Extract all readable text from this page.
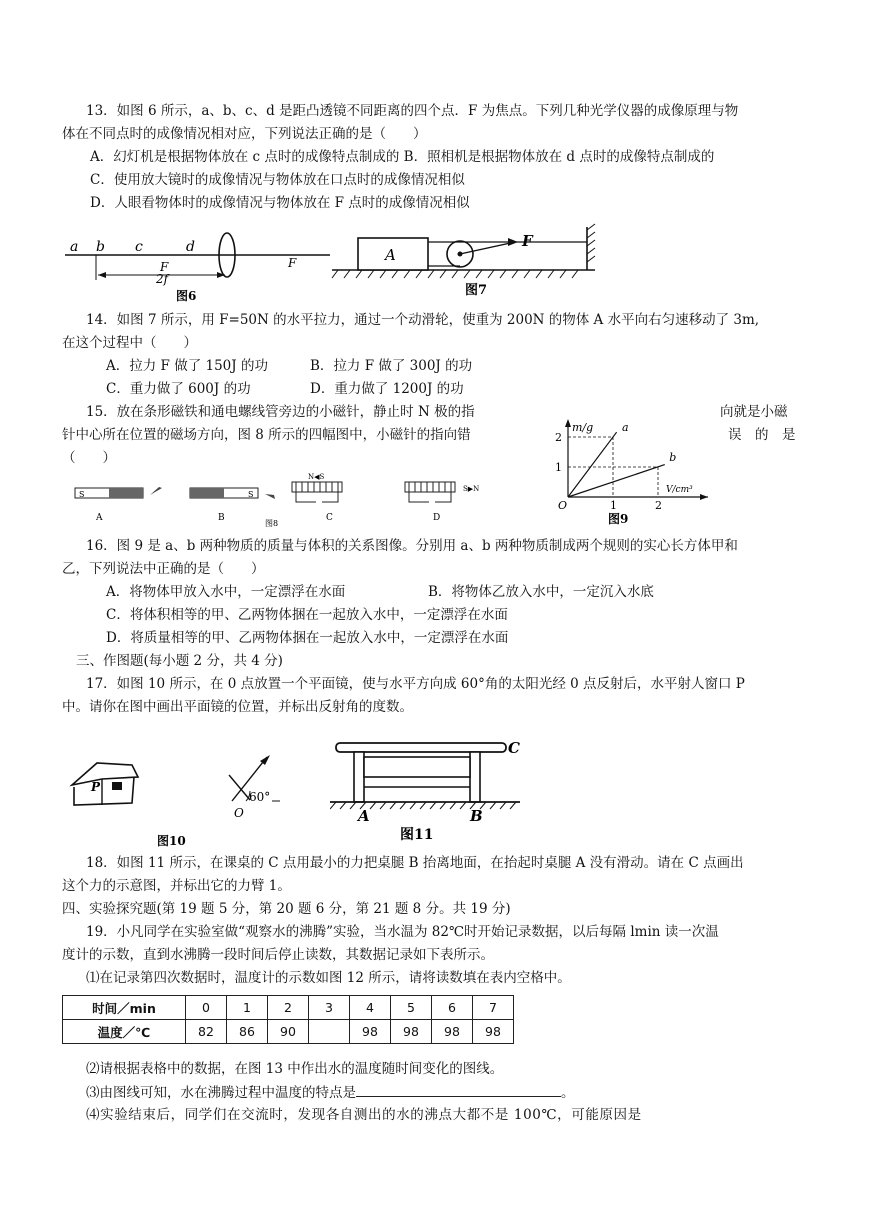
13．如图 6 所示，a、b、c、d 是距凸透镜不同距离的四个点．F 为焦点。下列几种光学仪器的成像原理与物
体在不同点时的成像情况相对应，下列说法正确的是（　　）
A．幻灯机是根据物体放在 c 点时的成像特点制成的 B．照相机是根据物体放在 d 点时的成像特点制成的
C．使用放大镜时的成像情况与物体放在口点时的成像情况相似
D．人眼看物体时的成像情况与物体放在 F 点时的成像情况相似
a b c	d
F	F
2f
图6
A
F
图7
14．如图 7 所示，用 F=50N 的水平拉力，通过一个动滑轮，使重为 200N 的物体 A 水平向右匀速移动了 3m,
在这个过程中（　　）
A．拉力 F 做了 150J 的功	B．拉力 F 做了 300J 的功
C．重力做了 600J 的功	D．重力做了 1200J 的功
15．放在条形磁铁和通电螺线管旁边的小磁针，静止时 N 极的指	向就是小磁
针中心所在位置的磁场方向，图 8 所示的四幅图中，小磁针的指向错	误　的　是
（　　）
S
A
S
B
N◀S
C
S▶N
D
图8
m/g
V/cm³
O
a
b
2
1
1	2
图9
16．图 9 是 a、b 两种物质的质量与体积的关系图像。分别用 a、b 两种物质制成两个规则的实心长方体甲和
乙，下列说法中正确的是（　　）
A．将物体甲放入水中，一定漂浮在水面	B．将物体乙放入水中，一定沉入水底
C．将体积相等的甲、乙两物体捆在一起放入水中，一定漂浮在水面
D．将质量相等的甲、乙两物体捆在一起放入水中，一定漂浮在水面
三、作图题(每小题 2 分，共 4 分)
17．如图 10 所示，在 0 点放置一个平面镜，使与水平方向成 60°角的太阳光经 0 点反射后，水平射人窗口 P
中。请你在图中画出平面镜的位置，并标出反射角的度数。
P
60°
O
图10
C
A	B
图11
18．如图 11 所示，在课桌的 C 点用最小的力把桌腿 B 抬离地面，在抬起时桌腿 A 没有滑动。请在 C 点画出
这个力的示意图，并标出它的力臂 1。
四、实验探究题(第 19 题 5 分，第 20 题 6 分，第 21 题 8 分。共 19 分)
19．小凡同学在实验室做“观察水的沸腾”实验，当水温为 82℃时开始记录数据，以后每隔 lmin 读一次温
度计的示数，直到水沸腾一段时间后停止读数，其数据记录如下表所示。
⑴在记录第四次数据时，温度计的示数如图 12 所示，请将读数填在表内空格中。
时间／min	0	1	2	3	4	5	6	7
温度／℃	82	86	90		98	98	98	98
⑵请根据表格中的数据，在图 13 中作出水的温度随时间变化的图线。
⑶由图线可知，水在沸腾过程中温度的特点是	。
⑷实验结束后，同学们在交流时，发现各自测出的水的沸点大都不是 100℃，可能原因是
